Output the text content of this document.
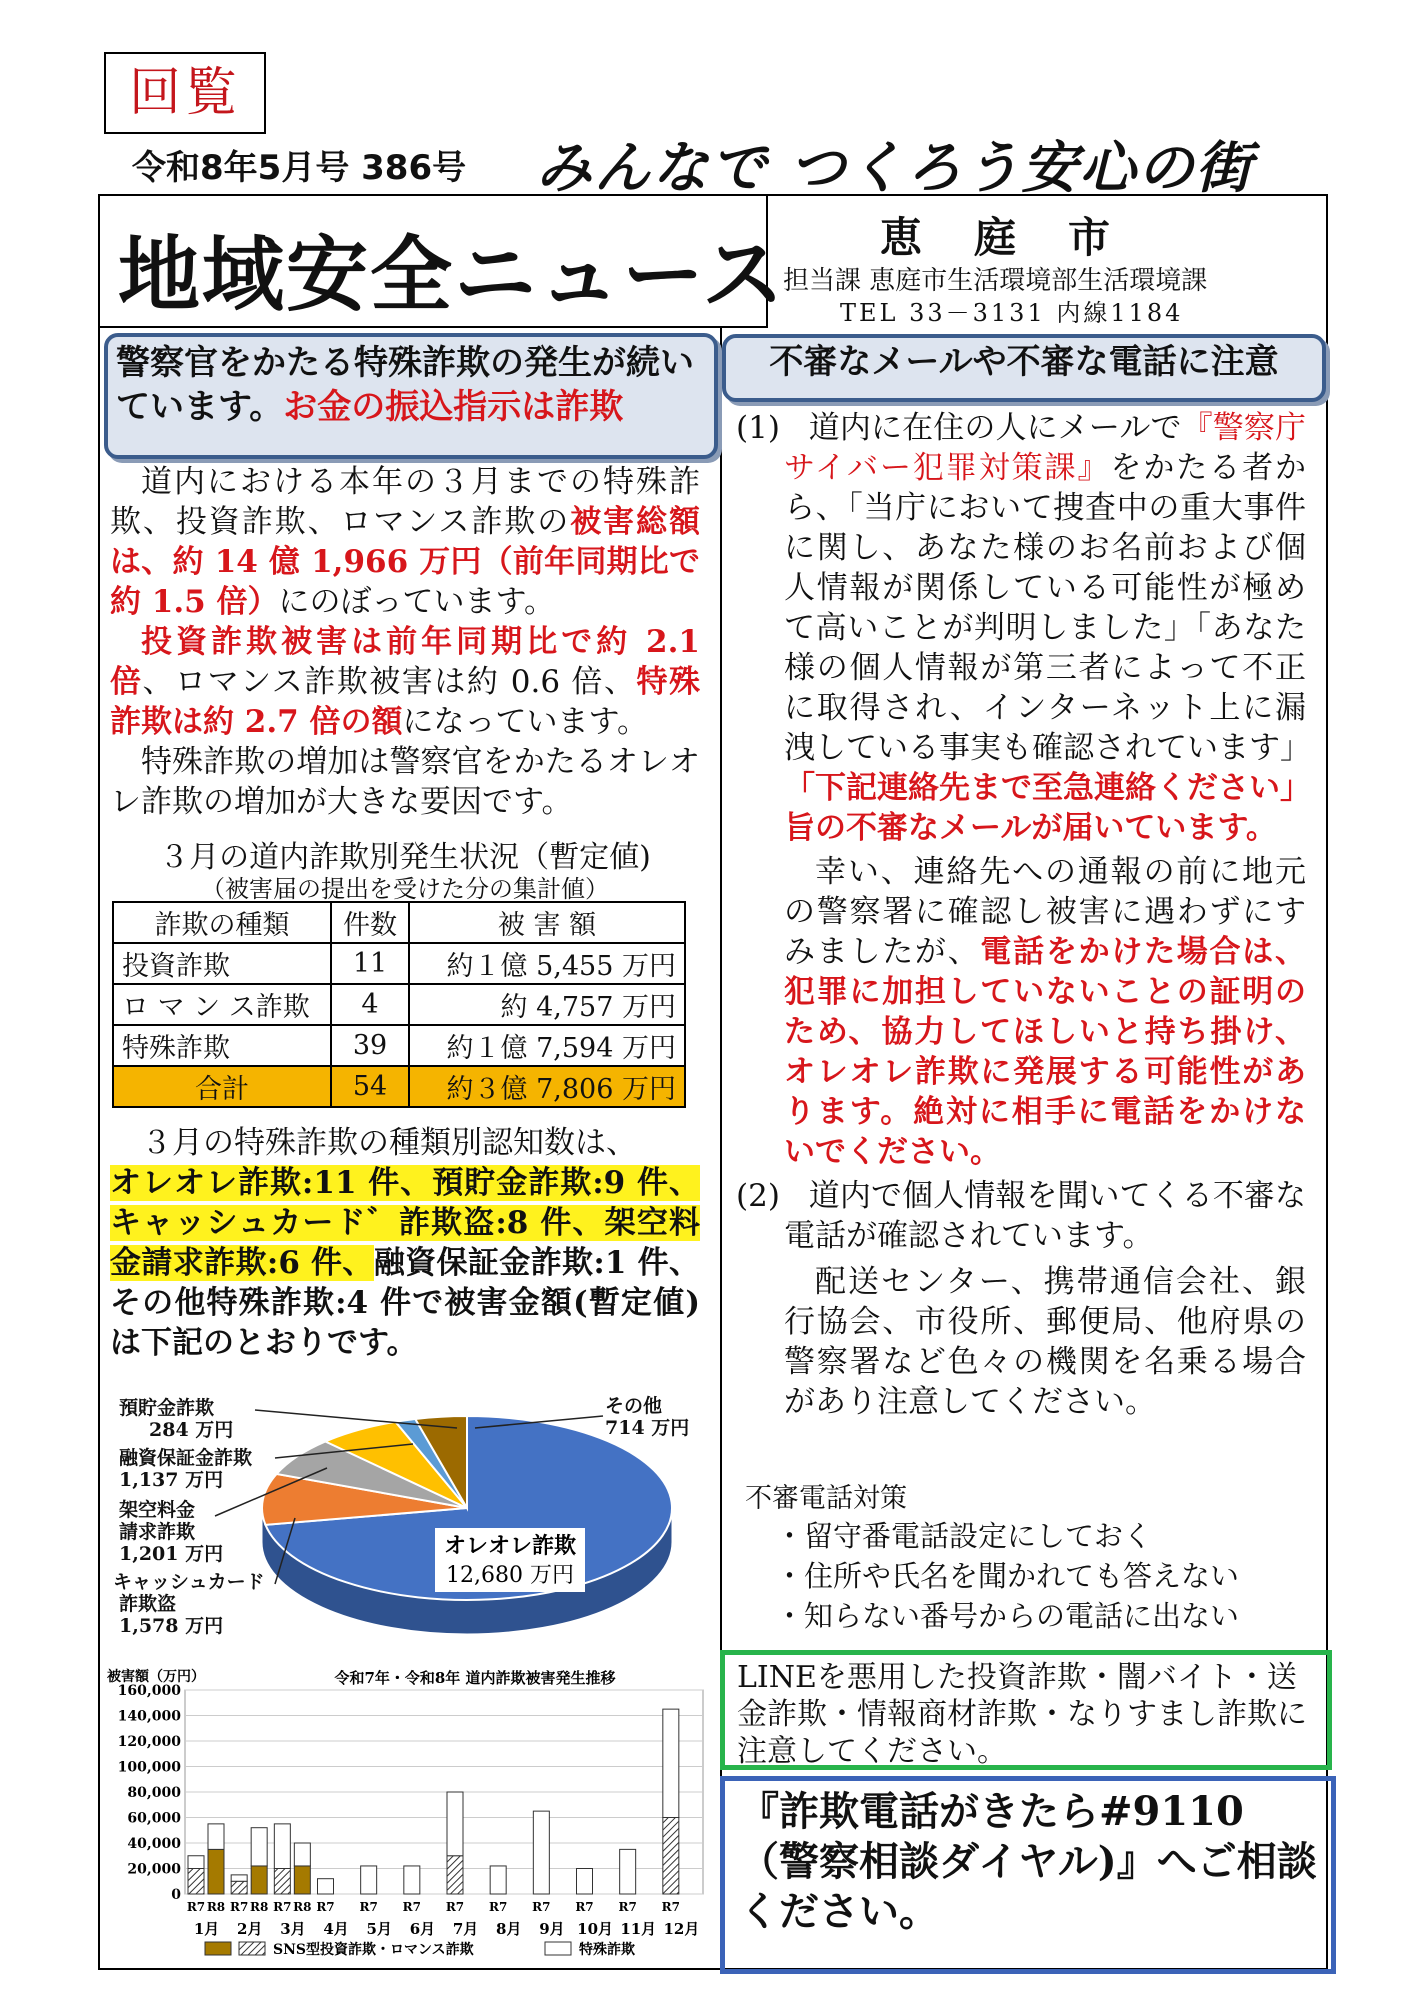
回覧
令和8年5月号 386号 みんなで つくろう安心の街
地域安全ニュース 恵庭市
担当課 恵庭市生活環境部生活環境課
TEL 33－3131 内線1184
警察官をかたる特殊詐欺の発生が続いています。お金の振込指示は詐欺

道内における本年の３月までの特殊詐欺、投資詐欺、ロマンス詐欺の被害総額は、約 14 億 1,966 万円（前年同期比で約 1.5 倍）にのぼっています。

投資詐欺被害は前年同期比で約 2.1 倍、ロマンス詐欺被害は約 0.6 倍、特殊詐欺は約 2.7 倍の額になっています。

特殊詐欺の増加は警察官をかたるオレオレ詐欺の増加が大きな要因です。

３月の道内詐欺別発生状況（暫定値)
（被害届の提出を受けた分の集計値）
詐欺の種類	件数	被 害 額
投資詐欺	11	約１億 5,455 万円
ロ マ ン ス詐欺	4	約 4,757 万円
特殊詐欺	39	約１億 7,594 万円
合計	54	約３億 7,806 万円

３月の特殊詐欺の種類別認知数は、

オレオレ詐欺:11 件、預貯金詐欺:9 件、キャッシュカード゛詐欺盗:8 件、架空料金請求詐欺:6 件、融資保証金詐欺:1 件、その他特殊詐欺:4 件で被害金額(暫定値)は下記のとおりです。
預貯金詐欺
284 万円
融資保証金詐欺
1,137 万円
架空料金
請求詐欺
1,201 万円
キャッシュカード
詐欺盗
1,578 万円
その他
714 万円
オレオレ詐欺
12,680 万円
被害額（万円）	令和7年・令和8年 道内詐欺被害発生推移
0
20,000
40,000
60,000
80,000
100,000
120,000
140,000
160,000
R7 R8
1月
R7 R8
2月
R7 R8
3月
R7
4月
R7
5月
R7
6月
R7
7月
R7
8月
R7
9月
R7
10月
R7
11月
R7
12月
SNS型投資詐欺・ロマンス詐欺	特殊詐欺
不審なメールや不審な電話に注意
(1) 道内に在住の人にメールで『警察庁サイバー犯罪対策課』をかたる者から、「当庁において捜査中の重大事件に関し、あなた様のお名前および個人情報が関係している可能性が極めて高いことが判明しました」「あなた様の個人情報が第三者によって不正に取得され、インターネット上に漏洩している事実も確認されています」「下記連絡先まで至急連絡ください」旨の不審なメールが届いています。
幸い、連絡先への通報の前に地元の警察署に確認し被害に遇わずにすみましたが、電話をかけた場合は、犯罪に加担していないことの証明のため、協力してほしいと持ち掛け、オレオレ詐欺に発展する可能性があります。絶対に相手に電話をかけないでください。
(2) 道内で個人情報を聞いてくる不審な電話が確認されています。
配送センター、携帯通信会社、銀行協会、市役所、郵便局、他府県の警察署など色々の機関を名乗る場合があり注意してください。
不審電話対策
・留守番電話設定にしておく
・住所や氏名を聞かれても答えない
・知らない番号からの電話に出ない
LINEを悪用した投資詐欺・闇バイト・送金詐欺・情報商材詐欺・なりすまし詐欺に注意してください。
『詐欺電話がきたら#9110（警察相談ダイヤル)』へご相談ください。
